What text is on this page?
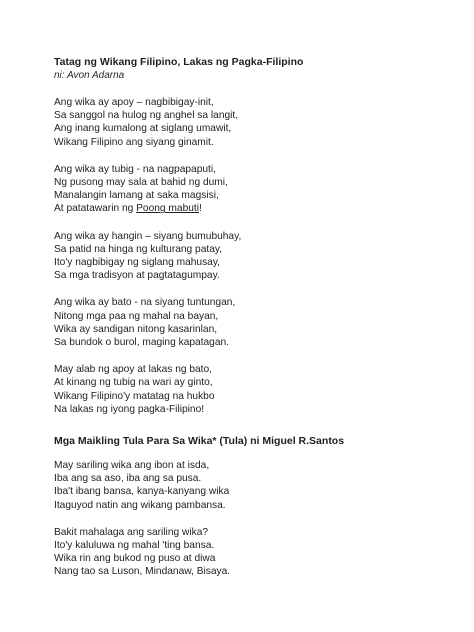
Tatag ng Wikang Filipino, Lakas ng Pagka-Filipino

ni: Avon Adarna

Ang wika ay apoy – nagbibigay-init,
Sa sanggol na hulog ng anghel sa langit,
Ang inang kumalong at siglang umawit,
Wikang Filipino ang siyang ginamit.
Ang wika ay tubig - na nagpapaputi,
Ng pusong may sala at bahid ng dumi,
Manalangin lamang at saka magsisi,
At patatawarin ng Poong mabuti!
Ang wika ay hangin – siyang bumubuhay,
Sa patid na hinga ng kulturang patay,
Ito'y nagbibigay ng siglang mahusay,
Sa mga tradisyon at pagtatagumpay.
Ang wika ay bato - na siyang tuntungan,
Nitong mga paa ng mahal na bayan,
Wika ay sandigan nitong kasarinlan,
Sa bundok o burol, maging kapatagan.
May alab ng apoy at lakas ng bato,
At kinang ng tubig na wari ay ginto,
Wikang Filipino'y matatag na hukbo
Na lakas ng iyong pagka-Filipino!

Mga Maikling Tula Para Sa Wika* (Tula) ni Miguel R.Santos

May sariling wika ang ibon at isda,
Iba ang sa aso, iba ang sa pusa.
Iba't ibang bansa, kanya-kanyang wika
Itaguyod natin ang wikang pambansa.
Bakit mahalaga ang sariling wika?
Ito'y kaluluwa ng mahal 'ting bansa.
Wika rin ang bukod ng puso at diwa
Nang tao sa Luson, Mindanaw, Bisaya.
